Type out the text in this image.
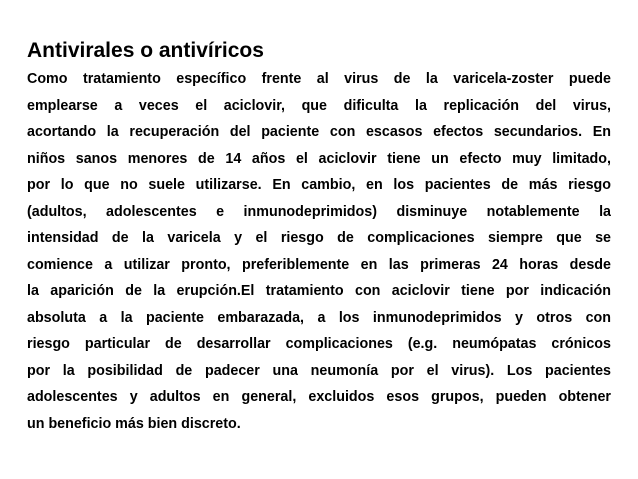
Antivirales o antivíricos
Como tratamiento específico frente al virus de la varicela-zoster puede
emplearse a veces el aciclovir, que dificulta la replicación del virus,
acortando la recuperación del paciente con escasos efectos secundarios. En
niños sanos menores de 14 años el aciclovir tiene un efecto muy limitado,
por lo que no suele utilizarse. En cambio, en los pacientes de más riesgo
(adultos, adolescentes e inmunodeprimidos) disminuye notablemente la
intensidad de la varicela y el riesgo de complicaciones siempre que se
comience a utilizar pronto, preferiblemente en las primeras 24 horas desde
la aparición de la erupción.El tratamiento con aciclovir tiene por indicación
absoluta a la paciente embarazada, a los inmunodeprimidos y otros con
riesgo particular de desarrollar complicaciones (e.g. neumópatas crónicos
por la posibilidad de padecer una neumonía por el virus). Los pacientes
adolescentes y adultos en general, excluidos esos grupos, pueden obtener
un beneficio más bien discreto.
